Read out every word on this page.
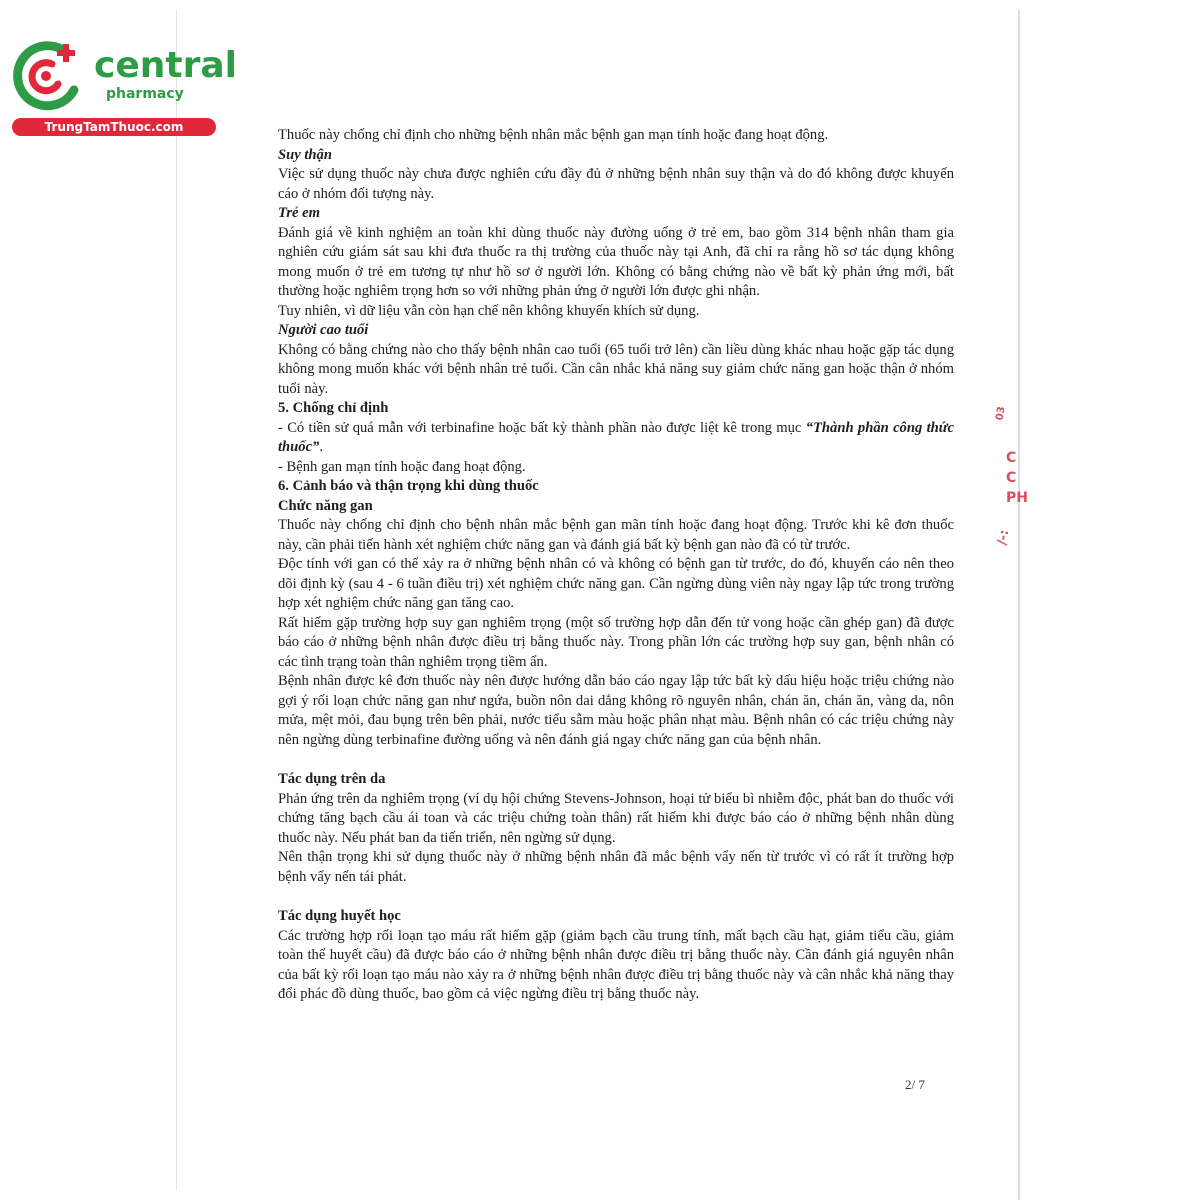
central
pharmacy
TrungTamThuoc.com
03
C
C
PH
/-:

Thuốc này chống chỉ định cho những bệnh nhân mắc bệnh gan mạn tính hoặc đang hoạt động.

Suy thận

Việc sử dụng thuốc này chưa được nghiên cứu đầy đủ ở những bệnh nhân suy thận và do đó không được khuyến cáo ở nhóm đối tượng này.

Trẻ em

Đánh giá về kinh nghiệm an toàn khi dùng thuốc này đường uống ở trẻ em, bao gồm 314 bệnh nhân tham gia nghiên cứu giám sát sau khi đưa thuốc ra thị trường của thuốc này tại Anh, đã chỉ ra rằng hồ sơ tác dụng không mong muốn ở trẻ em tương tự như hồ sơ ở người lớn. Không có bằng chứng nào về bất kỳ phản ứng mới, bất thường hoặc nghiêm trọng hơn so với những phản ứng ở người lớn được ghi nhận.

Tuy nhiên, vì dữ liệu vẫn còn hạn chế nên không khuyến khích sử dụng.

Người cao tuổi

Không có bằng chứng nào cho thấy bệnh nhân cao tuổi (65 tuổi trở lên) cần liều dùng khác nhau hoặc gặp tác dụng không mong muốn khác với bệnh nhân trẻ tuổi. Cần cân nhắc khả năng suy giảm chức năng gan hoặc thận ở nhóm tuổi này.

5. Chống chỉ định

- Có tiền sử quá mẫn với terbinafine hoặc bất kỳ thành phần nào được liệt kê trong mục “Thành phần công thức thuốc”.

- Bệnh gan mạn tính hoặc đang hoạt động.

6. Cảnh báo và thận trọng khi dùng thuốc

Chức năng gan

Thuốc này chống chỉ định cho bệnh nhân mắc bệnh gan mãn tính hoặc đang hoạt động. Trước khi kê đơn thuốc này, cần phải tiến hành xét nghiệm chức năng gan và đánh giá bất kỳ bệnh gan nào đã có từ trước.

Độc tính với gan có thể xảy ra ở những bệnh nhân có và không có bệnh gan từ trước, do đó, khuyến cáo nên theo dõi định kỳ (sau 4 - 6 tuần điều trị) xét nghiệm chức năng gan. Cần ngừng dùng viên này ngay lập tức trong trường hợp xét nghiệm chức năng gan tăng cao.

Rất hiếm gặp trường hợp suy gan nghiêm trọng (một số trường hợp dẫn đến tử vong hoặc cần ghép gan) đã được báo cáo ở những bệnh nhân được điều trị bằng thuốc này. Trong phần lớn các trường hợp suy gan, bệnh nhân có các tình trạng toàn thân nghiêm trọng tiềm ẩn.

Bệnh nhân được kê đơn thuốc này nên được hướng dẫn báo cáo ngay lập tức bất kỳ dấu hiệu hoặc triệu chứng nào gợi ý rối loạn chức năng gan như ngứa, buồn nôn dai dẳng không rõ nguyên nhân, chán ăn, chán ăn, vàng da, nôn mửa, mệt mỏi, đau bụng trên bên phải, nước tiểu sẫm màu hoặc phân nhạt màu. Bệnh nhân có các triệu chứng này nên ngừng dùng terbinafine đường uống và nên đánh giá ngay chức năng gan của bệnh nhân.

Tác dụng trên da

Phản ứng trên da nghiêm trọng (ví dụ hội chứng Stevens-Johnson, hoại tử biểu bì nhiễm độc, phát ban do thuốc với chứng tăng bạch cầu ái toan và các triệu chứng toàn thân) rất hiếm khi được báo cáo ở những bệnh nhân dùng thuốc này. Nếu phát ban da tiến triển, nên ngừng sử dụng.

Nên thận trọng khi sử dụng thuốc này ở những bệnh nhân đã mắc bệnh vẩy nến từ trước vì có rất ít trường hợp bệnh vẩy nến tái phát.

Tác dụng huyết học

Các trường hợp rối loạn tạo máu rất hiếm gặp (giảm bạch cầu trung tính, mất bạch cầu hạt, giảm tiểu cầu, giảm toàn thể huyết cầu) đã được báo cáo ở những bệnh nhân được điều trị bằng thuốc này. Cần đánh giá nguyên nhân của bất kỳ rối loạn tạo máu nào xảy ra ở những bệnh nhân được điều trị bằng thuốc này và cân nhắc khả năng thay đổi phác đồ dùng thuốc, bao gồm cả việc ngừng điều trị bằng thuốc này.

2/ 7
